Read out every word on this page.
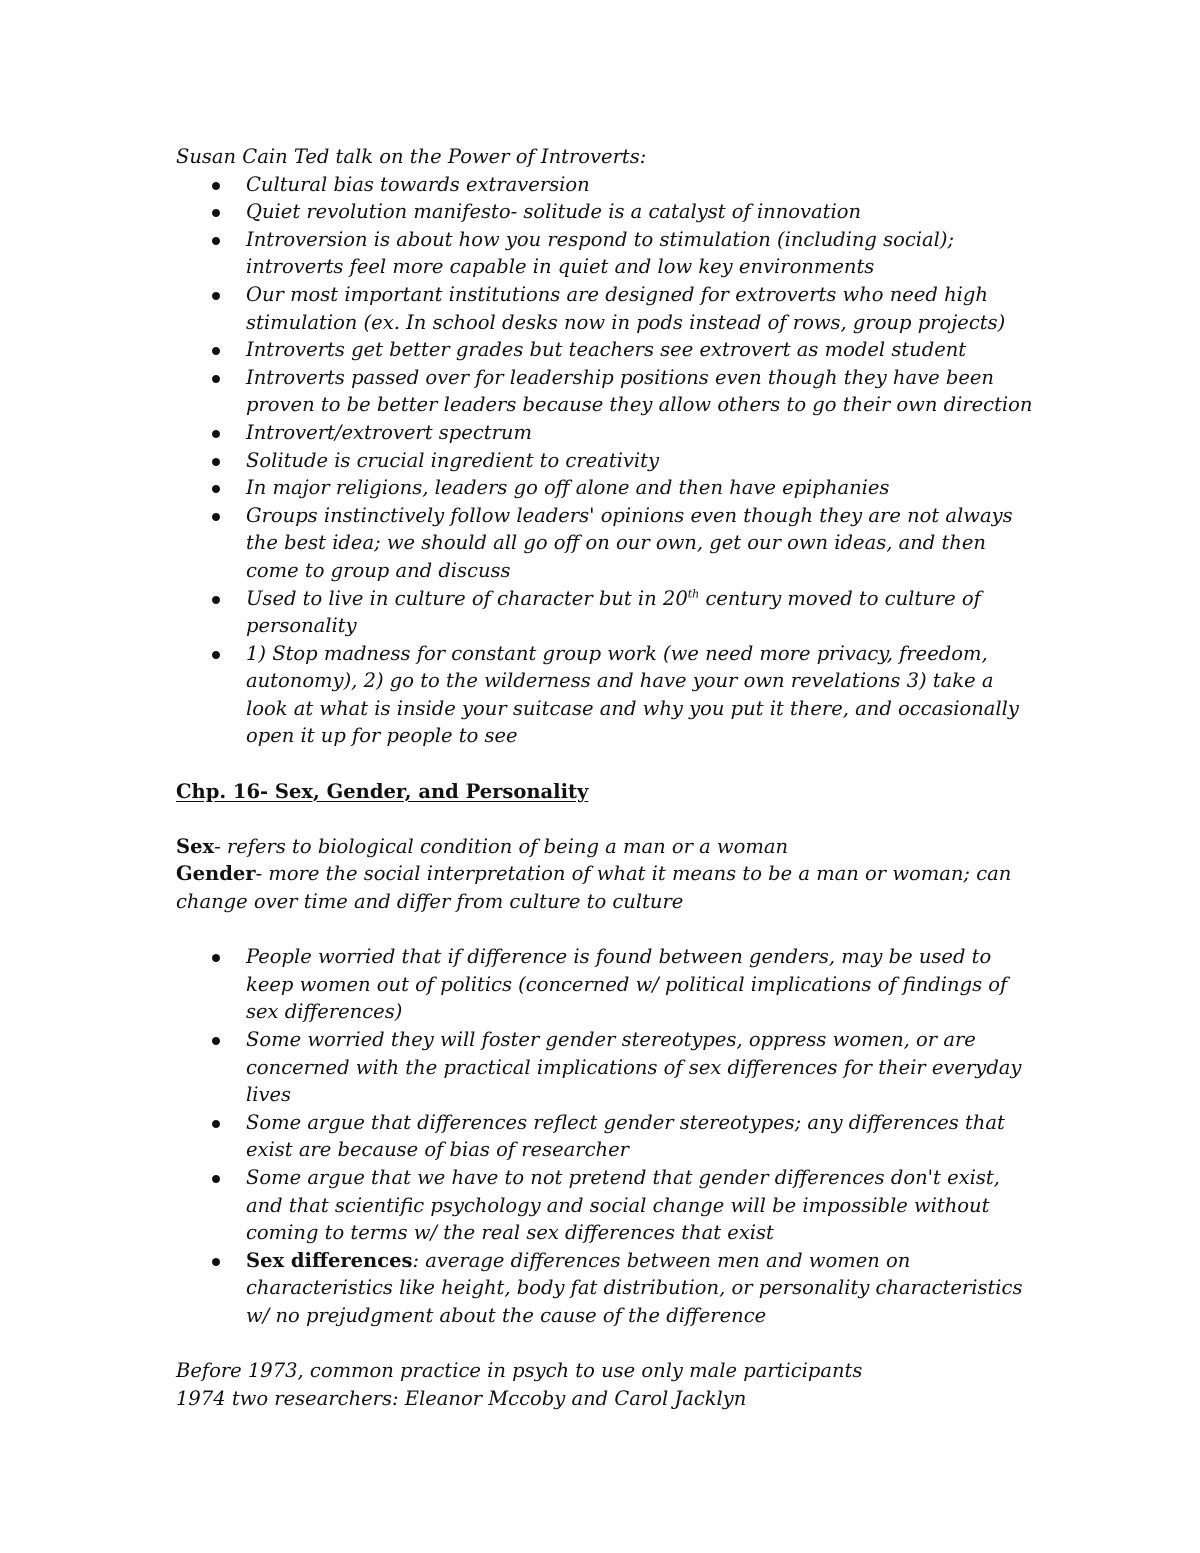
Susan Cain Ted talk on the Power of Introverts:

Cultural bias towards extraversion
Quiet revolution manifesto- solitude is a catalyst of innovation
Introversion is about how you respond to stimulation (including social); introverts feel more capable in quiet and low key environments
Our most important institutions are designed for extroverts who need high stimulation (ex. In school desks now in pods instead of rows, group projects)
Introverts get better grades but teachers see extrovert as model student
Introverts passed over for leadership positions even though they have been proven to be better leaders because they allow others to go their own direction
Introvert/extrovert spectrum
Solitude is crucial ingredient to creativity
In major religions, leaders go off alone and then have epiphanies
Groups instinctively follow leaders' opinions even though they are not always the best idea; we should all go off on our own, get our own ideas, and then come to group and discuss
Used to live in culture of character but in 20th century moved to culture of personality
1) Stop madness for constant group work (we need more privacy, freedom, autonomy), 2) go to the wilderness and have your own revelations 3) take a look at what is inside your suitcase and why you put it there, and occasionally open it up for people to see

Chp. 16- Sex, Gender, and Personality

Sex- refers to biological condition of being a man or a woman

Gender- more the social interpretation of what it means to be a man or woman; can change over time and differ from culture to culture

People worried that if difference is found between genders, may be used to keep women out of politics (concerned w/ political implications of findings of sex differences)
Some worried they will foster gender stereotypes, oppress women, or are concerned with the practical implications of sex differences for their everyday lives
Some argue that differences reflect gender stereotypes; any differences that exist are because of bias of researcher
Some argue that we have to not pretend that gender differences don't exist, and that scientific psychology and social change will be impossible without coming to terms w/ the real sex differences that exist
Sex differences: average differences between men and women on characteristics like height, body fat distribution, or personality characteristics w/ no prejudgment about the cause of the difference

Before 1973, common practice in psych to use only male participants

1974 two researchers: Eleanor Mccoby and Carol Jacklyn
